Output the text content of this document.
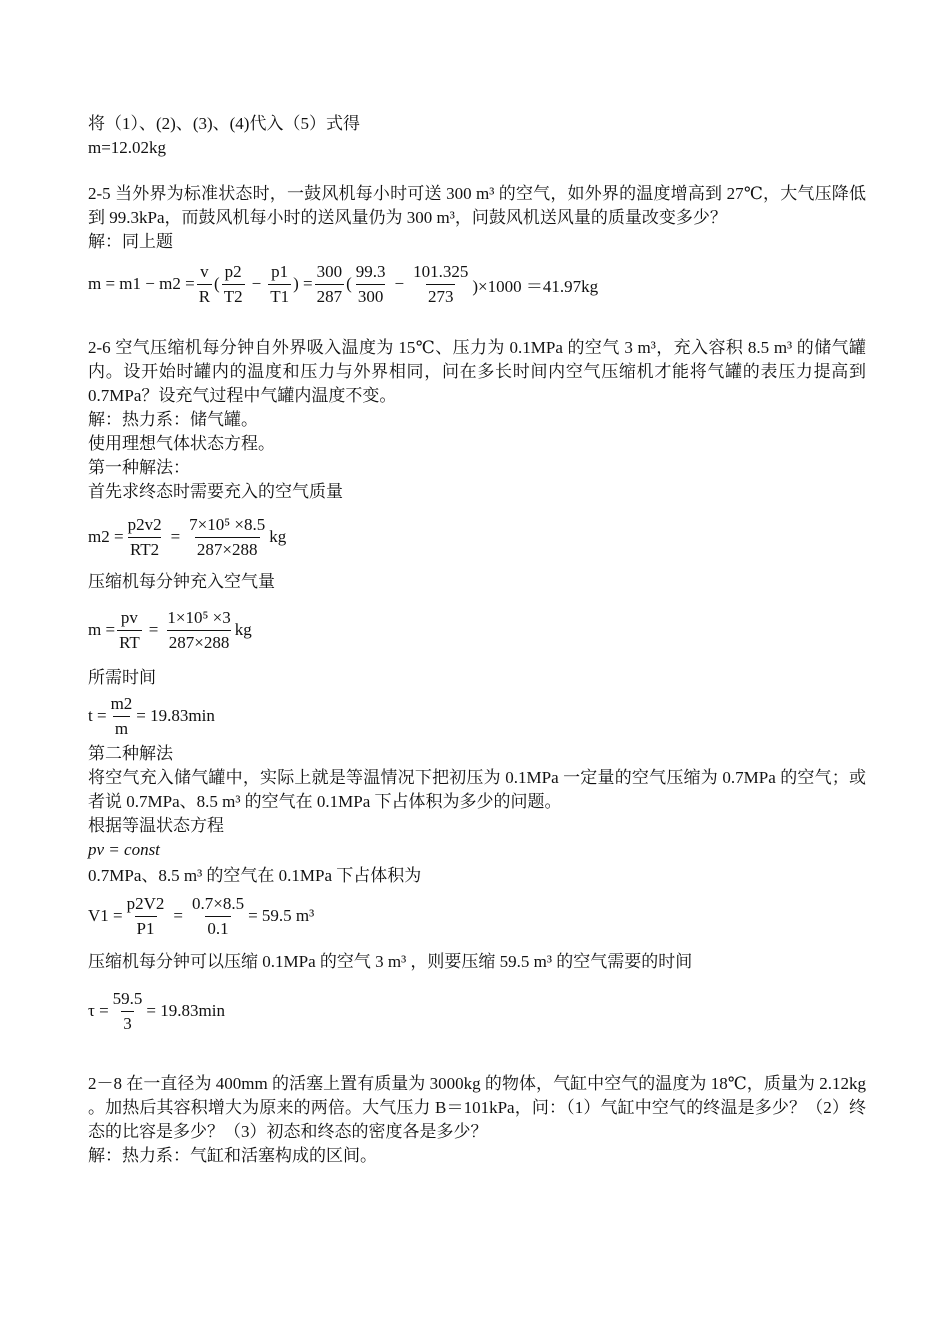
将（1）、(2)、(3)、(4)代入（5）式得
m=12.02kg
2-5 当外界为标准状态时，一鼓风机每小时可送 300 m³ 的空气，如外界的温度增高到 27℃，大气压降低到 99.3kPa，而鼓风机每小时的送风量仍为 300 m³，问鼓风机送风量的质量改变多少？
解：同上题
$m = m1 - m2 = \frac{v}{R}$ ( $\frac{p2}{T2} - \frac{p1}{T1}$ ) = $\frac{300}{287}$ ( $\frac{99.3}{300} - \frac{101.325}{273} )\times 1000 =41.97kg$
2-6 空气压缩机每分钟自外界吸入温度为 15℃、压力为 0.1MPa 的空气 3 m³，充入容积 8.5 m³ 的储气罐内。设开始时罐内的温度和压力与外界相同，问在多长时间内空气压缩机才能将气罐的表压力提高到 0.7MPa？设充气过程中气罐内温度不变。
解：热力系：储气罐。
使用理想气体状态方程。
第一种解法：
首先求终态时需要充入的空气质量
$m2 = \frac{p2v2}{RT2} = \frac{\text{7×10⁵ ×8.5}}{287\times 288}$ kg
压缩机每分钟充入空气量
$m = \frac{pv}{RT} = \frac{\text{1×10⁵ ×3}}{287\times 288}$ kg
所需时间
$t = \frac{m2}{m} = 19.83\min$
第二种解法
将空气充入储气罐中，实际上就是等温情况下把初压为 0.1MPa 一定量的空气压缩为 0.7MPa 的空气；或者说 0.7MPa、8.5 m³ 的空气在 0.1MPa 下占体积为多少的问题。
根据等温状态方程
pv = const
0.7MPa、8.5 m³ 的空气在 0.1MPa 下占体积为
$V1 = \frac{p2V2}{P1} = \frac{0.7\times 8.5}{0.1} = 59.5$ m³
压缩机每分钟可以压缩 0.1MPa 的空气 3 m³ ，则要压缩 59.5 m³ 的空气需要的时间
$\tau = \frac{59.5}{3} = 19.83\min$
2－8 在一直径为 400mm 的活塞上置有质量为 3000kg 的物体，气缸中空气的温度为 18℃，质量为 2.12kg 。加热后其容积增大为原来的两倍。大气压力 B＝101kPa，问：（1）气缸中空气的终温是多少？（2）终态的比容是多少？（3）初态和终态的密度各是多少？
解：热力系：气缸和活塞构成的区间。
